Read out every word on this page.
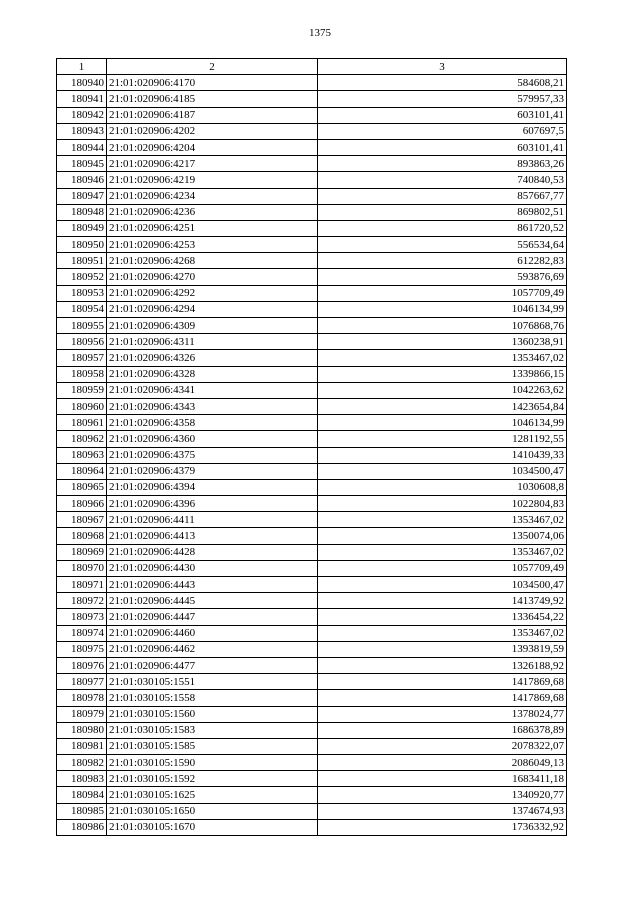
1375
1	2	3
180940	21:01:020906:4170	584608,21
180941	21:01:020906:4185	579957,33
180942	21:01:020906:4187	603101,41
180943	21:01:020906:4202	607697,5
180944	21:01:020906:4204	603101,41
180945	21:01:020906:4217	893863,26
180946	21:01:020906:4219	740840,53
180947	21:01:020906:4234	857667,77
180948	21:01:020906:4236	869802,51
180949	21:01:020906:4251	861720,52
180950	21:01:020906:4253	556534,64
180951	21:01:020906:4268	612282,83
180952	21:01:020906:4270	593876,69
180953	21:01:020906:4292	1057709,49
180954	21:01:020906:4294	1046134,99
180955	21:01:020906:4309	1076868,76
180956	21:01:020906:4311	1360238,91
180957	21:01:020906:4326	1353467,02
180958	21:01:020906:4328	1339866,15
180959	21:01:020906:4341	1042263,62
180960	21:01:020906:4343	1423654,84
180961	21:01:020906:4358	1046134,99
180962	21:01:020906:4360	1281192,55
180963	21:01:020906:4375	1410439,33
180964	21:01:020906:4379	1034500,47
180965	21:01:020906:4394	1030608,8
180966	21:01:020906:4396	1022804,83
180967	21:01:020906:4411	1353467,02
180968	21:01:020906:4413	1350074,06
180969	21:01:020906:4428	1353467,02
180970	21:01:020906:4430	1057709,49
180971	21:01:020906:4443	1034500,47
180972	21:01:020906:4445	1413749,92
180973	21:01:020906:4447	1336454,22
180974	21:01:020906:4460	1353467,02
180975	21:01:020906:4462	1393819,59
180976	21:01:020906:4477	1326188,92
180977	21:01:030105:1551	1417869,68
180978	21:01:030105:1558	1417869,68
180979	21:01:030105:1560	1378024,77
180980	21:01:030105:1583	1686378,89
180981	21:01:030105:1585	2078322,07
180982	21:01:030105:1590	2086049,13
180983	21:01:030105:1592	1683411,18
180984	21:01:030105:1625	1340920,77
180985	21:01:030105:1650	1374674,93
180986	21:01:030105:1670	1736332,92
